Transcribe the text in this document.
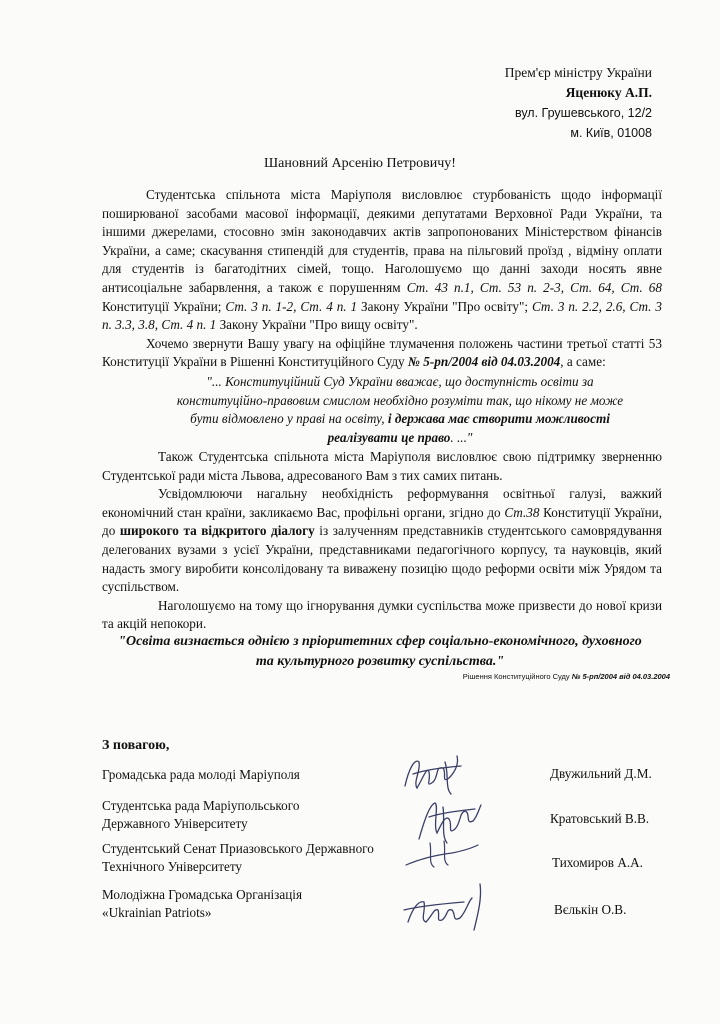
Прем'єр міністру України
Яценюку А.П.
вул. Грушевського, 12/2
м. Київ, 01008
Шановний Арсенію Петровичу!

Студентська спільнота міста Маріуполя висловлює стурбованість щодо інформації поширюваної засобами масової інформації, деякими депутатами Верховної Ради України, та іншими джерелами, стосовно змін законодавчих актів запропонованих Міністерством фінансів України, а саме; скасування стипендій для студентів, права на пільговий проїзд , відміну оплати для студентів із багатодітних сімей, тощо. Наголошуємо що данні заходи носять явне антисоціальне забарвлення, а також є порушенням Ст. 43 п.1, Ст. 53 п. 2-3, Ст. 64, Ст. 68 Конституції України; Ст. 3 п. 1-2, Ст. 4 п. 1 Закону України "Про освіту"; Ст. 3 п. 2.2, 2.6, Ст. 3 п. 3.3, 3.8, Ст. 4 п. 1 Закону України "Про вищу освіту".

Хочемо звернути Вашу увагу на офіційне тлумачення положень частини третьої статті 53 Конституції України в Рішенні Конституційного Суду № 5-рп/2004 від 04.03.2004, а саме:

"... Конституційний Суд України вважає, що доступність освіти за конституційно-правовим смислом необхідно розуміти так, що нікому не може бути відмовлено у праві на освіту, і держава має створити можливості реалізувати це право. ..."

Також Студентська спільнота міста Маріуполя висловлює свою підтримку зверненню Студентської ради міста Львова, адресованого Вам з тих самих питань.

Усвідомлюючи нагальну необхідність реформування освітньої галузі, важкий економічний стан країни, закликаємо Вас, профільні органи, згідно до Ст.38 Конституції України, до широкого та відкритого діалогу із залученням представників студентського самоврядування делегованих вузами з усієї України, представниками педагогічного корпусу, та науковців, який надасть змогу виробити консолідовану та виважену позицію щодо реформи освіти між Урядом та суспільством.

Наголошуємо на тому що ігнорування думки суспільства може призвести до нової кризи та акцій непокори.

"Освіта визнається однією з пріоритетних сфер соціально-економічного, духовного та культурного розвитку суспільства."
Рішення Конституційного Суду № 5-рп/2004 від 04.03.2004
З повагою,
Громадська рада молоді Маріуполя	Двужильний Д.М.
Студентська рада Маріупольського
Державного Університету	Кратовський В.В.
Студентський Сенат Приазовського Державного
Технічного Університету	Тихомиров А.А.
Молодіжна Громадська Організація
«Ukrainian Patriots»	Вєлькін О.В.
